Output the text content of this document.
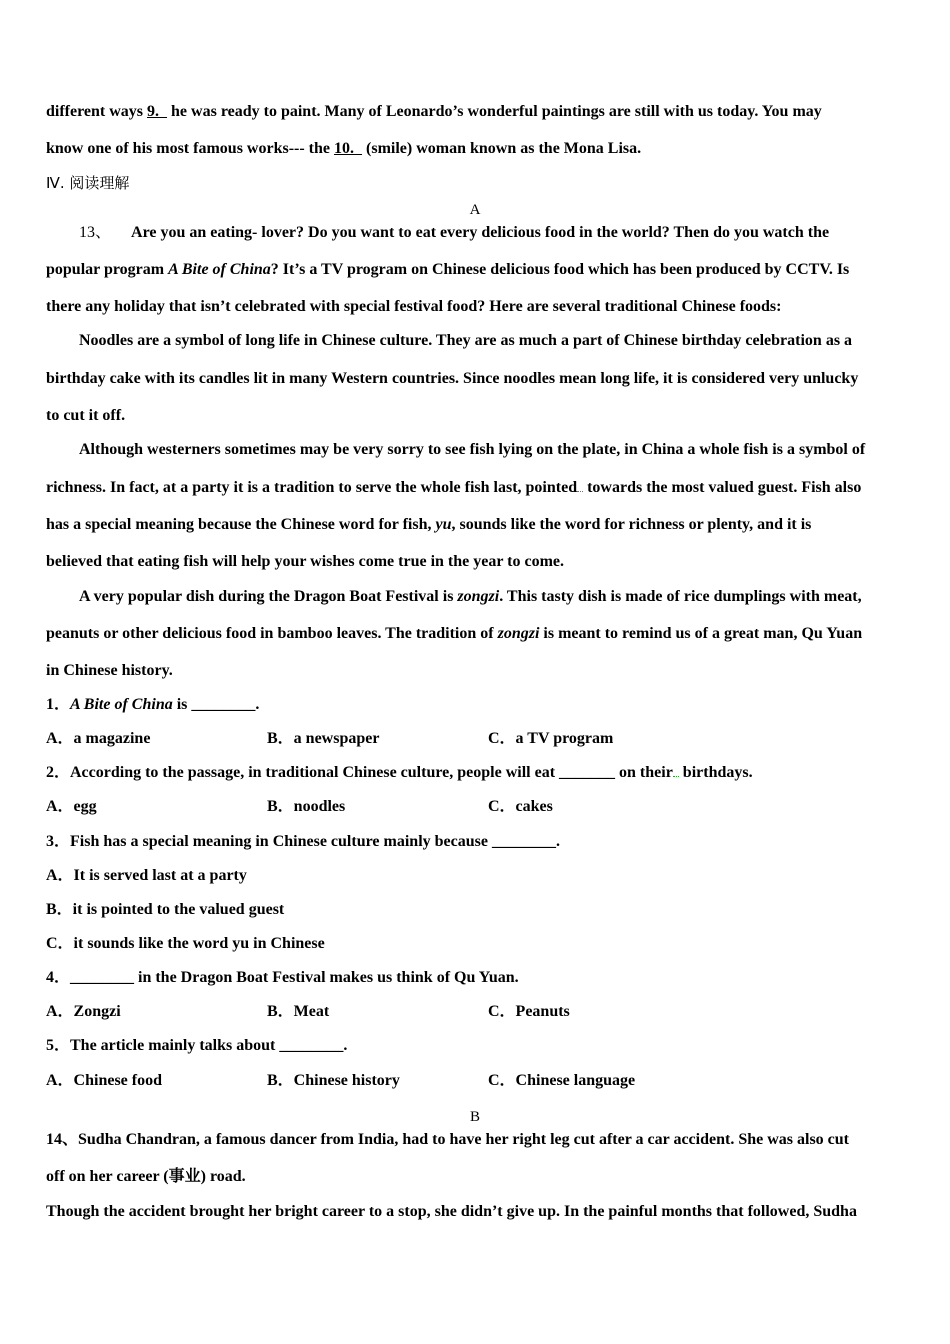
different ways 9.   he was ready to paint. Many of Leonardo’s wonderful paintings are still with us today. You may
know one of his most famous works--- the 10.   (smile) woman known as the Mona Lisa.
Ⅳ. 阅读理解
A
13、 Are you an eating- lover? Do you want to eat every delicious food in the world? Then do you watch the
popular program A Bite of China? It’s a TV program on Chinese delicious food which has been produced by CCTV. Is
there any holiday that isn’t celebrated with special festival food? Here are several traditional Chinese foods:
Noodles are a symbol of long life in Chinese culture. They are as much a part of Chinese birthday celebration as a
birthday cake with its candles lit in many Western countries. Since noodles mean long life, it is considered very unlucky
to cut it off.
Although westerners sometimes may be very sorry to see fish lying on the plate, in China a whole fish is a symbol of
richness. In fact, at a party it is a tradition to serve the whole fish last, pointed towards the most valued guest. Fish also
has a special meaning because the Chinese word for fish, yu, sounds like the word for richness or plenty, and it is
believed that eating fish will help your wishes come true in the year to come.
A very popular dish during the Dragon Boat Festival is zongzi. This tasty dish is made of rice dumplings with meat,
peanuts or other delicious food in bamboo leaves. The tradition of zongzi is meant to remind us of a great man, Qu Yuan
in Chinese history.
1．A Bite of China is ________.
A．a magazine	B．a newspaper	C．a TV program
2．According to the passage, in traditional Chinese culture, people will eat _______ on their birthdays.
A．egg	B．noodles	C．cakes
3．Fish has a special meaning in Chinese culture mainly because ________.
A．It is served last at a party
B．it is pointed to the valued guest
C．it sounds like the word yu in Chinese
4．________ in the Dragon Boat Festival makes us think of Qu Yuan.
A．Zongzi	B．Meat	C．Peanuts
5．The article mainly talks about ________.
A．Chinese food	B．Chinese history	C．Chinese language
B
14、Sudha Chandran, a famous dancer from India, had to have her right leg cut after a car accident. She was also cut
off on her career (事业) road.
Though the accident brought her bright career to a stop, she didn’t give up. In the painful months that followed, Sudha
